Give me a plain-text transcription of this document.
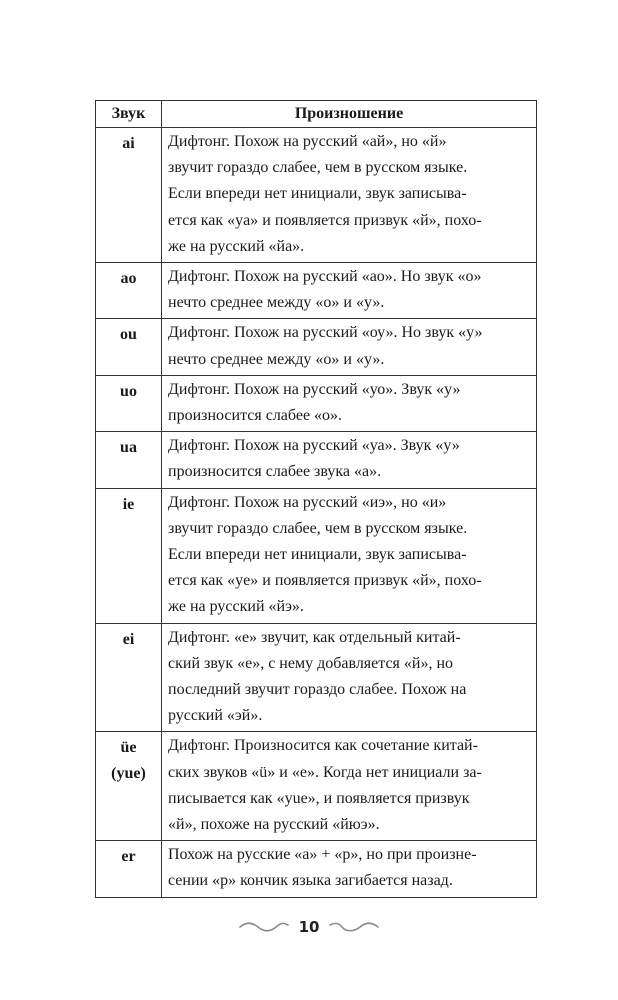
Звук	Произношение

ai	Дифтонг. Похож на русский «ай», но «й»
звучит гораздо слабее, чем в русском языке.
Если впереди нет инициали, звук записыва-
ется как «ya» и появляется призвук «й», похо-
же на русский «йа».

ao	Дифтонг. Похож на русский «ао». Но звук «о»
нечто среднее между «о» и «у».

ou	Дифтонг. Похож на русский «оу». Но звук «у»
нечто среднее между «о» и «у».

uo	Дифтонг. Похож на русский «уо». Звук «у»
произносится слабее «о».

ua	Дифтонг. Похож на русский «уа». Звук «у»
произносится слабее звука «а».

ie	Дифтонг. Похож на русский «иэ», но «и»
звучит гораздо слабее, чем в русском языке.
Если впереди нет инициали, звук записыва-
ется как «ye» и появляется призвук «й», похо-
же на русский «йэ».

ei	Дифтонг. «e» звучит, как отдельный китай-
ский звук «e», с нему добавляется «й», но
последний звучит гораздо слабее. Похож на
русский «эй».

üe
(yue)	Дифтонг. Произносится как сочетание китай-
ских звуков «ü» и «e». Когда нет инициали за-
писывается как «yue», и появляется призвук
«й», похоже на русский «йюэ».

er	Похож на русские «а» + «р», но при произне-
сении «р» кончик языка загибается назад.
10
